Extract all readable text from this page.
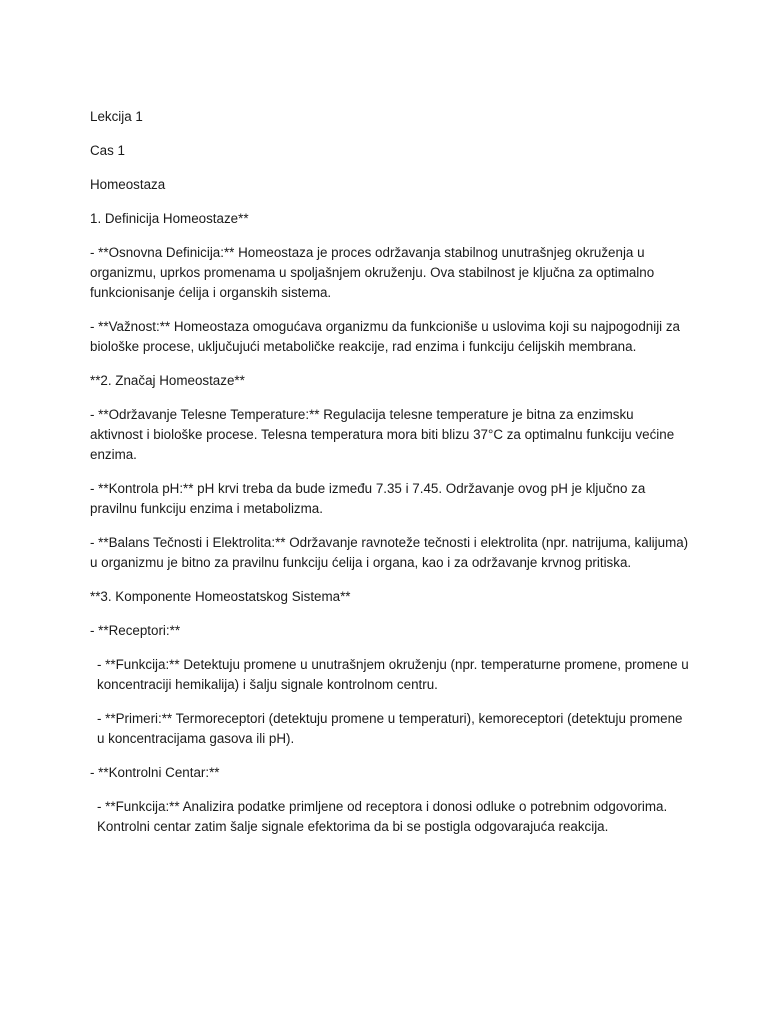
Lekcija 1

Cas 1

Homeostaza

1. Definicija Homeostaze**

- **Osnovna Definicija:** Homeostaza je proces održavanja stabilnog unutrašnjeg okruženja u organizmu, uprkos promenama u spoljašnjem okruženju. Ova stabilnost je ključna za optimalno funkcionisanje ćelija i organskih sistema.

- **Važnost:** Homeostaza omogućava organizmu da funkcioniše u uslovima koji su najpogodniji za biološke procese, uključujući metaboličke reakcije, rad enzima i funkciju ćelijskih membrana.

**2. Značaj Homeostaze**

- **Održavanje Telesne Temperature:** Regulacija telesne temperature je bitna za enzimsku aktivnost i biološke procese. Telesna temperatura mora biti blizu 37°C za optimalnu funkciju većine enzima.

- **Kontrola pH:** pH krvi treba da bude između 7.35 i 7.45. Održavanje ovog pH je ključno za pravilnu funkciju enzima i metabolizma.

- **Balans Tečnosti i Elektrolita:** Održavanje ravnoteže tečnosti i elektrolita (npr. natrijuma, kalijuma) u organizmu je bitno za pravilnu funkciju ćelija i organa, kao i za održavanje krvnog pritiska.

**3. Komponente Homeostatskog Sistema**

- **Receptori:**

- **Funkcija:** Detektuju promene u unutrašnjem okruženju (npr. temperaturne promene, promene u koncentraciji hemikalija) i šalju signale kontrolnom centru.

- **Primeri:** Termoreceptori (detektuju promene u temperaturi), kemoreceptori (detektuju promene u koncentracijama gasova ili pH).

- **Kontrolni Centar:**

- **Funkcija:** Analizira podatke primljene od receptora i donosi odluke o potrebnim odgovorima. Kontrolni centar zatim šalje signale efektorima da bi se postigla odgovarajuća reakcija.
